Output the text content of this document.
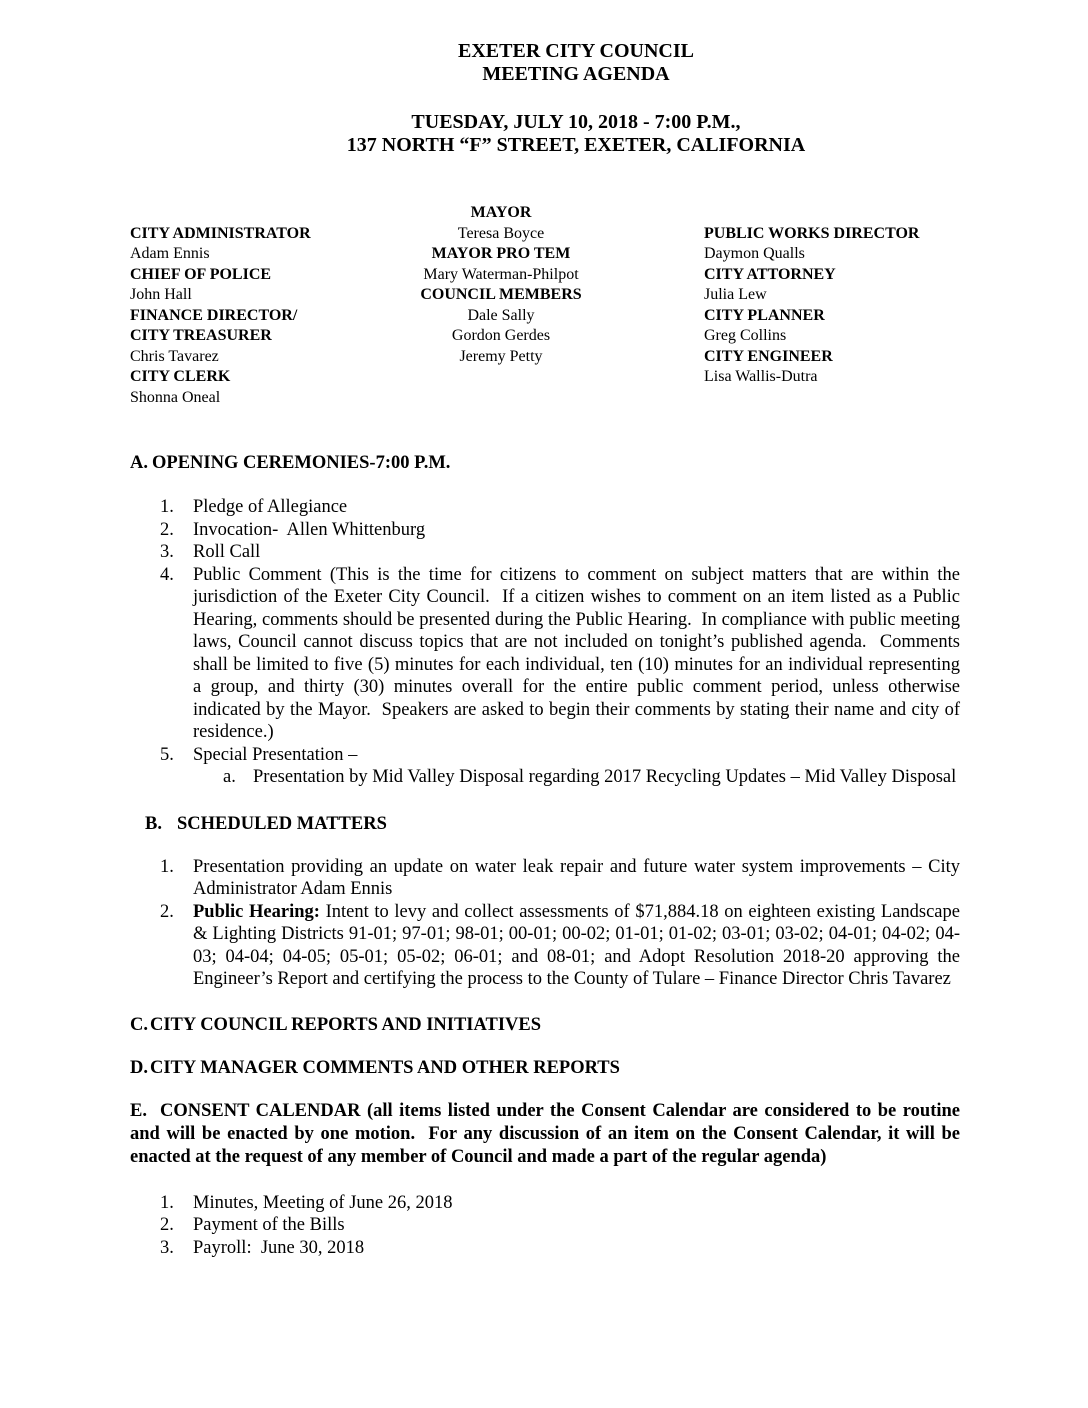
EXETER CITY COUNCIL
MEETING AGENDA
TUESDAY, JULY 10, 2018 - 7:00 P.M.,
137 NORTH “F” STREET, EXETER, CALIFORNIA
CITY ADMINISTRATOR
Adam Ennis
CHIEF OF POLICE
John Hall
FINANCE DIRECTOR/
CITY TREASURER
Chris Tavarez
CITY CLERK
Shonna Oneal
MAYOR
Teresa Boyce
MAYOR PRO TEM
Mary Waterman-Philpot
COUNCIL MEMBERS
Dale Sally
Gordon Gerdes
Jeremy Petty
PUBLIC WORKS DIRECTOR
Daymon Qualls
CITY ATTORNEY
Julia Lew
CITY PLANNER
Greg Collins
CITY ENGINEER
Lisa Wallis-Dutra
A. OPENING CEREMONIES-7:00 P.M.
1.	Pledge of Allegiance
2.	Invocation-  Allen Whittenburg
3.	Roll Call
4.	Public Comment (This is the time for citizens to comment on subject matters that are within the jurisdiction of the Exeter City Council.  If a citizen wishes to comment on an item listed as a Public Hearing, comments should be presented during the Public Hearing.  In compliance with public meeting laws, Council cannot discuss topics that are not included on tonight’s published agenda.  Comments shall be limited to five (5) minutes for each individual, ten (10) minutes for an individual representing a group, and thirty (30) minutes overall for the entire public comment period, unless otherwise indicated by the Mayor.  Speakers are asked to begin their comments by stating their name and city of residence.)
5.	Special Presentation –
a. Presentation by Mid Valley Disposal regarding 2017 Recycling Updates – Mid Valley Disposal
B. SCHEDULED MATTERS
1.	Presentation providing an update on water leak repair and future water system improvements – City Administrator Adam Ennis
2.	Public Hearing: Intent to levy and collect assessments of $71,884.18 on eighteen existing Landscape & Lighting Districts 91-01; 97-01; 98-01; 00-01; 00-02; 01-01; 01-02; 03-01; 03-02; 04-01; 04-02; 04-03; 04-04; 04-05; 05-01; 05-02; 06-01; and 08-01; and Adopt Resolution 2018-20 approving the Engineer’s Report and certifying the process to the County of Tulare – Finance Director Chris Tavarez
C. CITY COUNCIL REPORTS AND INITIATIVES
D. CITY MANAGER COMMENTS AND OTHER REPORTS
E. CONSENT CALENDAR (all items listed under the Consent Calendar are considered to be routine and will be enacted by one motion.  For any discussion of an item on the Consent Calendar, it will be enacted at the request of any member of Council and made a part of the regular agenda)
1.	Minutes, Meeting of June 26, 2018
2.	Payment of the Bills
3.	Payroll:  June 30, 2018
